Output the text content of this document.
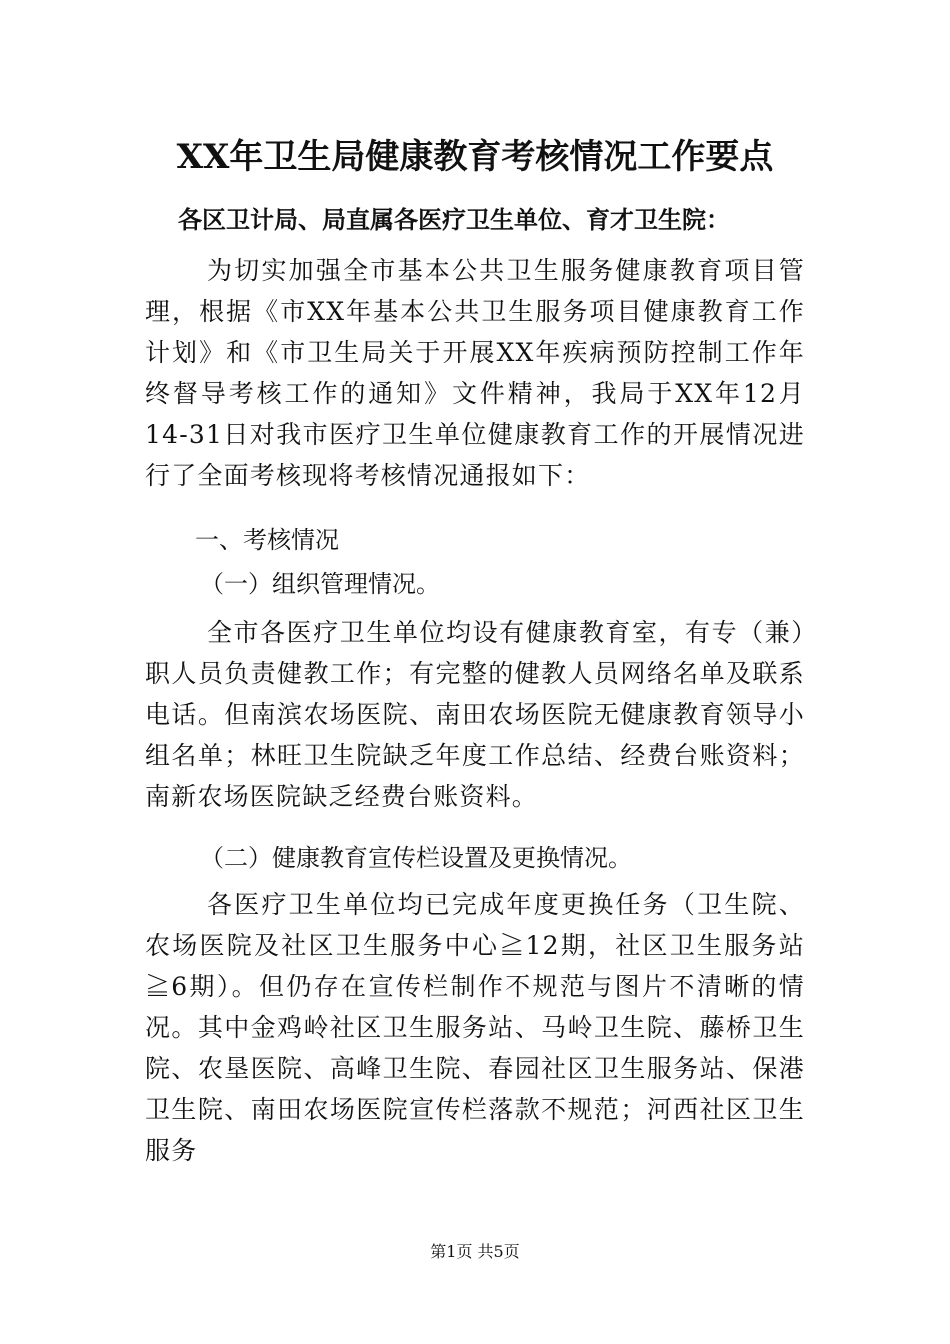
XX年卫生局健康教育考核情况工作要点
各区卫计局、局直属各医疗卫生单位、育才卫生院：

为切实加强全市基本公共卫生服务健康教育项目管理，根据《市XX年基本公共卫生服务项目健康教育工作计划》和《市卫生局关于开展XX年疾病预防控制工作年终督导考核工作的通知》文件精神，我局于XX年12月14-31日对我市医疗卫生单位健康教育工作的开展情况进行了全面考核现将考核情况通报如下：

一、考核情况
（一）组织管理情况。

全市各医疗卫生单位均设有健康教育室，有专（兼）职人员负责健教工作；有完整的健教人员网络名单及联系电话。但南滨农场医院、南田农场医院无健康教育领导小组名单；林旺卫生院缺乏年度工作总结、经费台账资料；南新农场医院缺乏经费台账资料。

（二）健康教育宣传栏设置及更换情况。

各医疗卫生单位均已完成年度更换任务（卫生院、农场医院及社区卫生服务中心≧12期，社区卫生服务站≧6期）。但仍存在宣传栏制作不规范与图片不清晰的情况。其中金鸡岭社区卫生服务站、马岭卫生院、藤桥卫生院、农垦医院、高峰卫生院、春园社区卫生服务站、保港卫生院、南田农场医院宣传栏落款不规范；河西社区卫生服务

第1页 共5页
